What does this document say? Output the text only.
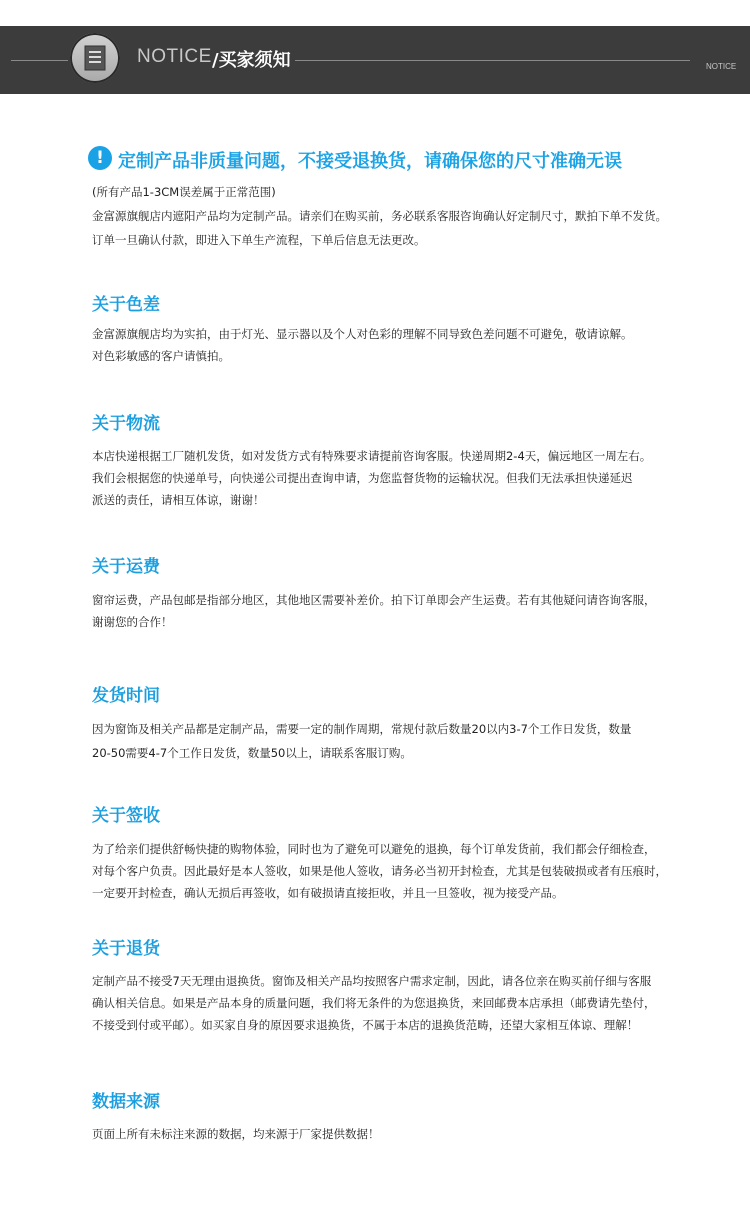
NOTICE /买家须知	NOTICE
! 定制产品非质量问题，不接受退换货，请确保您的尺寸准确无误
(所有产品1-3CM误差属于正常范围)
金富源旗舰店内遮阳产品均为定制产品。请亲们在购买前，务必联系客服咨询确认好定制尺寸，默拍下单不发货。
订单一旦确认付款，即进入下单生产流程，下单后信息无法更改。
关于色差
金富源旗舰店均为实拍，由于灯光、显示器以及个人对色彩的理解不同导致色差问题不可避免，敬请谅解。
对色彩敏感的客户请慎拍。
关于物流
本店快递根据工厂随机发货，如对发货方式有特殊要求请提前咨询客服。快递周期2-4天，偏远地区一周左右。
我们会根据您的快递单号，向快递公司提出查询申请，为您监督货物的运输状况。但我们无法承担快递延迟
派送的责任，请相互体谅，谢谢！
关于运费
窗帘运费，产品包邮是指部分地区，其他地区需要补差价。拍下订单即会产生运费。若有其他疑问请咨询客服，
谢谢您的合作！
发货时间
因为窗饰及相关产品都是定制产品，需要一定的制作周期，常规付款后数量20以内3-7个工作日发货，数量
20-50需要4-7个工作日发货，数量50以上，请联系客服订购。
关于签收
为了给亲们提供舒畅快捷的购物体验，同时也为了避免可以避免的退换，每个订单发货前，我们都会仔细检查，
对每个客户负责。因此最好是本人签收，如果是他人签收，请务必当初开封检查，尤其是包装破损或者有压痕时，
一定要开封检查，确认无损后再签收，如有破损请直接拒收，并且一旦签收，视为接受产品。
关于退货
定制产品不接受7天无理由退换货。窗饰及相关产品均按照客户需求定制，因此，请各位亲在购买前仔细与客服
确认相关信息。如果是产品本身的质量问题，我们将无条件的为您退换货，来回邮费本店承担（邮费请先垫付，
不接受到付或平邮）。如买家自身的原因要求退换货，不属于本店的退换货范畴，还望大家相互体谅、理解！
数据来源
页面上所有未标注来源的数据，均来源于厂家提供数据！
